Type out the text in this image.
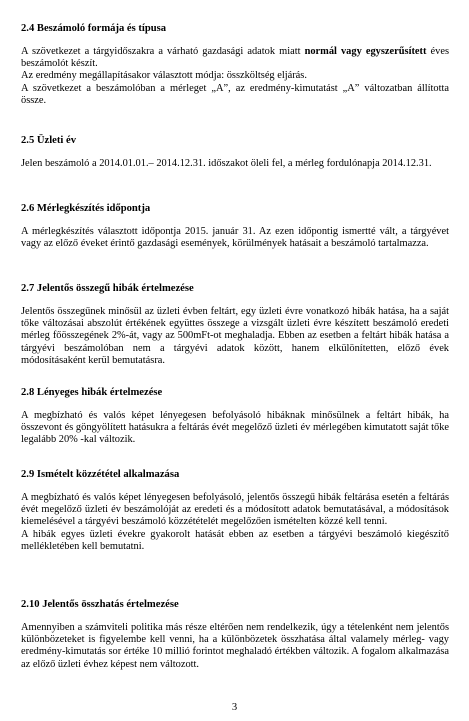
2.4 Beszámoló formája és típusa

A szövetkezet a tárgyidőszakra a várható gazdasági adatok miatt normál vagy egyszerűsített éves beszámolót készít.

Az eredmény megállapításakor választott módja: összköltség eljárás.

A szövetkezet a beszámolóban a mérleget „A”, az eredmény-kimutatást „A” változatban állította össze.

2.5 Üzleti év

Jelen beszámoló a 2014.01.01.– 2014.12.31. időszakot öleli fel, a mérleg fordulónapja 2014.12.31.

2.6 Mérlegkészítés időpontja

A mérlegkészítés választott időpontja 2015. január 31. Az ezen időpontig ismertté vált, a tárgyévet vagy az előző éveket érintő gazdasági események, körülmények hatásait a beszámoló tartalmazza.

2.7 Jelentős összegű hibák értelmezése

Jelentős összegűnek minősül az üzleti évben feltárt, egy üzleti évre vonatkozó hibák hatása, ha a saját tőke változásai abszolút értékének együttes összege a vizsgált üzleti évre készített beszámoló eredeti mérleg főösszegének 2%-át, vagy az 500mFt-ot meghaladja. Ebben az esetben a feltárt hibák hatása a tárgyévi beszámolóban nem a tárgyévi adatok között, hanem elkülönítetten, előző évek módosításaként kerül bemutatásra.

2.8 Lényeges hibák értelmezése

A megbízható és valós képet lényegesen befolyásoló hibáknak minősülnek a feltárt hibák, ha összevont és göngyölített hatásukra a feltárás évét megelőző üzleti év mérlegében kimutatott saját tőke legalább 20% -kal változik.

2.9 Ismételt közzététel alkalmazása

A megbízható és valós képet lényegesen befolyásoló, jelentős összegű hibák feltárása esetén a feltárás évét megelőző üzleti év beszámolóját az eredeti és a módosított adatok bemutatásával, a módosítások kiemelésével a tárgyévi beszámoló közzétételét megelőzően ismételten közzé kell tenni.

A hibák egyes üzleti évekre gyakorolt hatását ebben az esetben a tárgyévi beszámoló kiegészítő mellékletében kell bemutatni.

2.10 Jelentős összhatás értelmezése

Amennyiben a számviteli politika más része eltérően nem rendelkezik, úgy a tételenként nem jelentős különbözeteket is figyelembe kell venni, ha a különbözetek összhatása által valamely mérleg- vagy eredmény-kimutatás sor értéke 10 millió forintot meghaladó értékben változik. A fogalom alkalmazása az előző üzleti évhez képest nem változott.

3
